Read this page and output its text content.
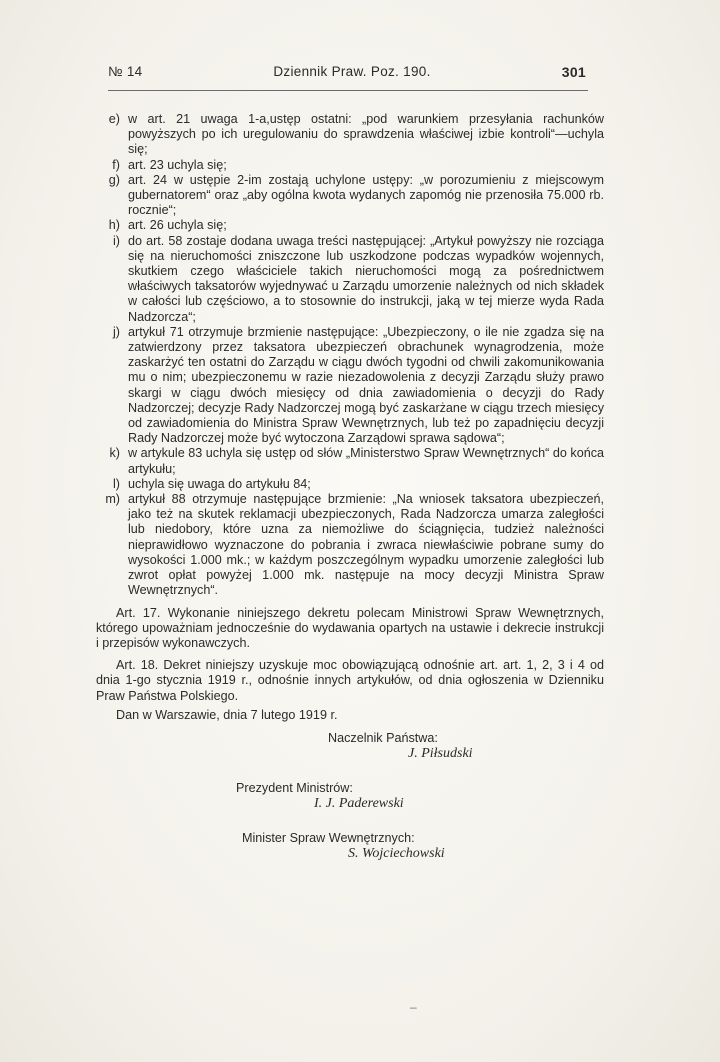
№ 14	Dziennik Praw. Poz. 190.	301
e) w art. 21 uwaga 1-a,ustęp ostatni: „pod warunkiem przesyłania rachunków powyższych po ich uregulowaniu do sprawdzenia właściwej izbie kontroli“—uchyla się;
f) art. 23 uchyla się;
g) art. 24 w ustępie 2-im zostają uchylone ustępy: „w porozumieniu z miejscowym gubernatorem“ oraz „aby ogólna kwota wydanych zapomóg nie przenosiła 75.000 rb. rocznie“;
h) art. 26 uchyla się;
i) do art. 58 zostaje dodana uwaga treści następującej: „Artykuł powyższy nie rozciąga się na nieruchomości zniszczone lub uszkodzone podczas wypadków wojennych, skutkiem czego właściciele takich nieruchomości mogą za pośrednictwem właściwych taksatorów wyjednywać u Zarządu umorzenie należnych od nich składek w całości lub częściowo, a to stosownie do instrukcji, jaką w tej mierze wyda Rada Nadzorcza“;
j) artykuł 71 otrzymuje brzmienie następujące: „Ubezpieczony, o ile nie zgadza się na zatwierdzony przez taksatora ubezpieczeń obrachunek wynagrodzenia, może zaskarżyć ten ostatni do Zarządu w ciągu dwóch tygodni od chwili zakomunikowania mu o nim; ubezpieczonemu w razie niezadowolenia z decyzji Zarządu służy prawo skargi w ciągu dwóch miesięcy od dnia zawiadomienia o decyzji do Rady Nadzorczej; decyzje Rady Nadzorczej mogą być zaskarżane w ciągu trzech miesięcy od zawiadomienia do Ministra Spraw Wewnętrznych, lub też po zapadnięciu decyzji Rady Nadzorczej może być wytoczona Zarządowi sprawa sądowa“;
k) w artykule 83 uchyla się ustęp od słów „Ministerstwo Spraw Wewnętrznych“ do końca artykułu;
l) uchyla się uwaga do artykułu 84;
m) artykuł 88 otrzymuje następujące brzmienie: „Na wniosek taksatora ubezpieczeń, jako też na skutek reklamacji ubezpieczonych, Rada Nadzorcza umarza zaległości lub niedobory, które uzna za niemożliwe do ściągnięcia, tudzież należności nieprawidłowo wyznaczone do pobrania i zwraca niewłaściwie pobrane sumy do wysokości 1.000 mk.; w każdym poszczególnym wypadku umorzenie zaległości lub zwrot opłat powyżej 1.000 mk. następuje na mocy decyzji Ministra Spraw Wewnętrznych“.
Art. 17. Wykonanie niniejszego dekretu polecam Ministrowi Spraw Wewnętrznych, którego upoważniam jednocześnie do wydawania opartych na ustawie i dekrecie instrukcji i przepisów wykonawczych.
Art. 18. Dekret niniejszy uzyskuje moc obowiązującą odnośnie art. art. 1, 2, 3 i 4 od dnia 1-go stycznia 1919 r., odnośnie innych artykułów, od dnia ogłoszenia w Dzienniku Praw Państwa Polskiego.
Dan w Warszawie, dnia 7 lutego 1919 r.
Naczelnik Państwa:
J. Piłsudski
Prezydent Ministrów:
I. J. Paderewski
Minister Spraw Wewnętrznych:
S. Wojciechowski
–
